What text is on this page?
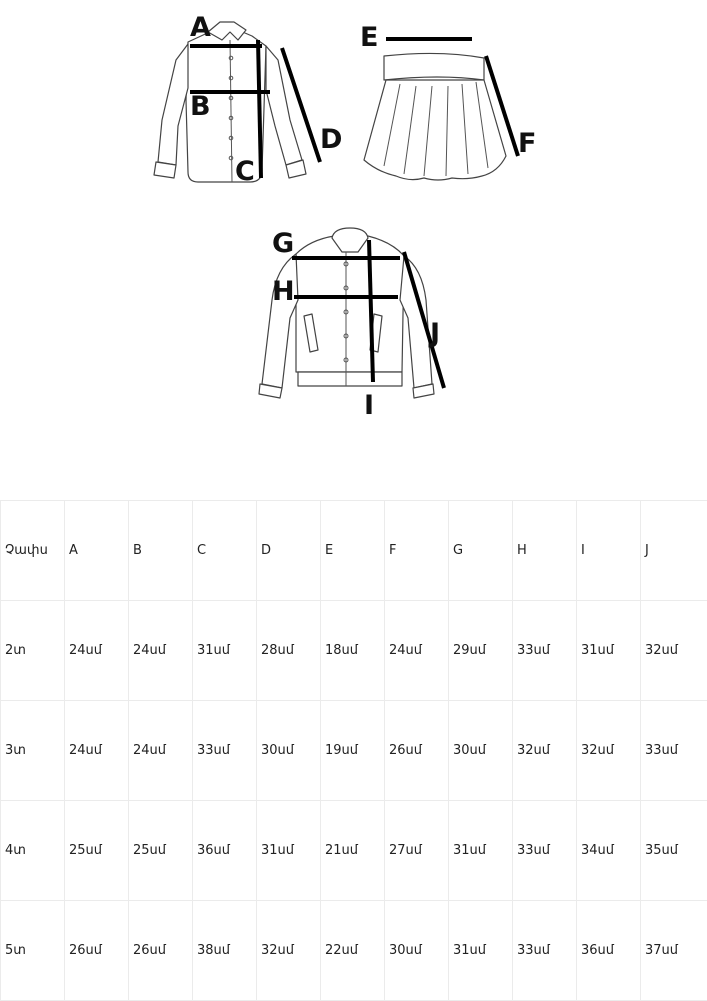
A
B
C
D
E
F
G
H
I
J
Չափս	A	B	C	D	E	F	G	H	I	J
2տ	24սմ	24սմ	31սմ	28սմ	18սմ	24սմ	29սմ	33սմ	31սմ	32սմ
3տ	24սմ	24սմ	33սմ	30սմ	19սմ	26սմ	30սմ	32սմ	32սմ	33սմ
4տ	25սմ	25սմ	36սմ	31սմ	21սմ	27սմ	31սմ	33սմ	34սմ	35սմ
5տ	26սմ	26սմ	38սմ	32սմ	22սմ	30սմ	31սմ	33սմ	36սմ	37սմ
